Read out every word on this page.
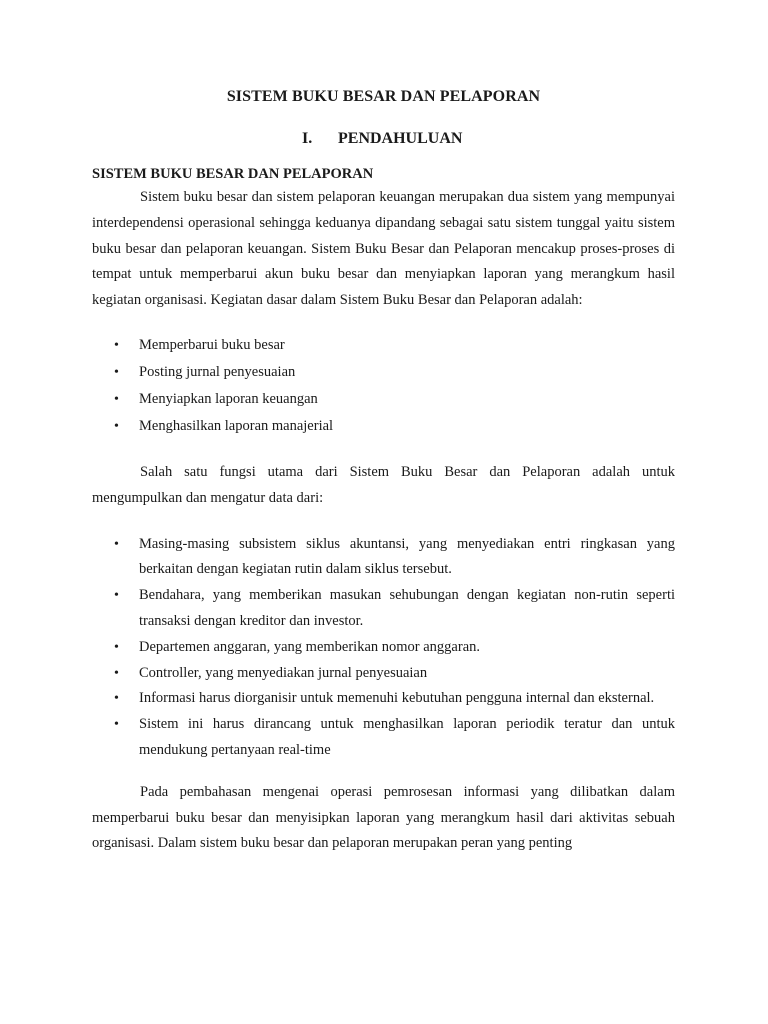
SISTEM BUKU BESAR DAN PELAPORAN
I. PENDAHULUAN
SISTEM BUKU BESAR DAN PELAPORAN

Sistem buku besar dan sistem pelaporan keuangan merupakan dua sistem yang mempunyai interdependensi operasional sehingga keduanya dipandang sebagai satu sistem tunggal yaitu sistem buku besar dan pelaporan keuangan. Sistem Buku Besar dan Pelaporan mencakup proses-proses di tempat untuk memperbarui akun buku besar dan menyiapkan laporan yang merangkum hasil kegiatan organisasi. Kegiatan dasar dalam Sistem Buku Besar dan Pelaporan adalah:

• Memperbarui buku besar
• Posting jurnal penyesuaian
• Menyiapkan laporan keuangan
• Menghasilkan laporan manajerial

Salah satu fungsi utama dari Sistem Buku Besar dan Pelaporan adalah untuk mengumpulkan dan mengatur data dari:

• Masing-masing subsistem siklus akuntansi, yang menyediakan entri ringkasan yang berkaitan dengan kegiatan rutin dalam siklus tersebut.
• Bendahara, yang memberikan masukan sehubungan dengan kegiatan non-rutin seperti transaksi dengan kreditor dan investor.
• Departemen anggaran, yang memberikan nomor anggaran.
• Controller, yang menyediakan jurnal penyesuaian
• Informasi harus diorganisir untuk memenuhi kebutuhan pengguna internal dan eksternal.
• Sistem ini harus dirancang untuk menghasilkan laporan periodik teratur dan untuk mendukung pertanyaan real-time

Pada pembahasan mengenai operasi pemrosesan informasi yang dilibatkan dalam memperbarui buku besar dan menyisipkan laporan yang merangkum hasil dari aktivitas sebuah organisasi. Dalam sistem buku besar dan pelaporan merupakan peran yang penting
